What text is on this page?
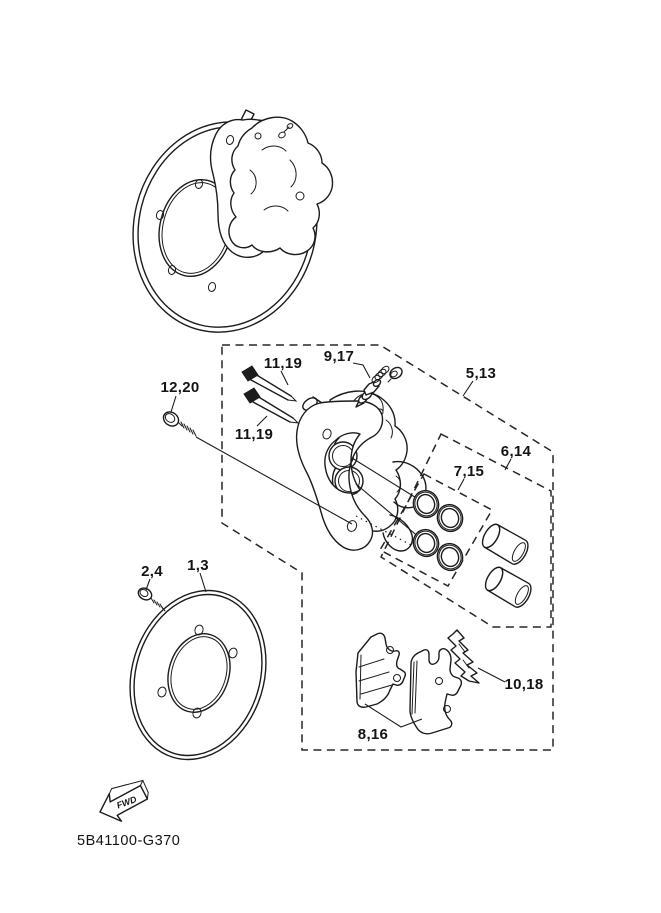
12,20
11,19
11,19
9,17
5,13
6,14
7,15
2,4 1,3
10,18
8,16
FWD
5B41100-G370
